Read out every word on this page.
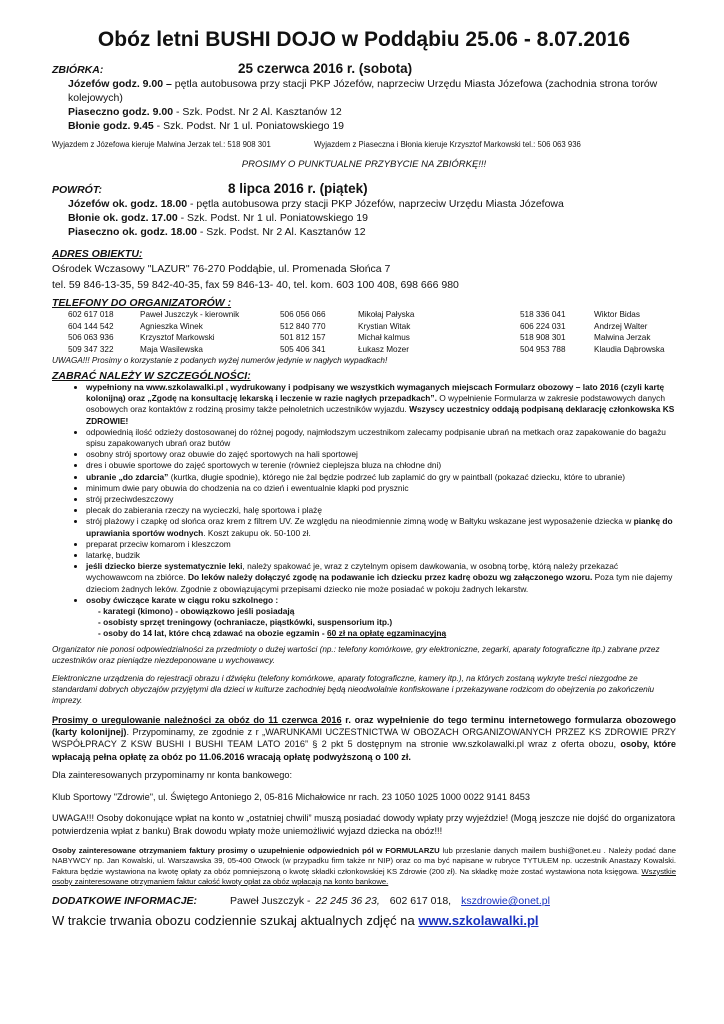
Obóz letni BUSHI DOJO w Poddąbiu 25.06 - 8.07.2016
ZBIÓRKA:	25 czerwca 2016 r. (sobota)
Józefów godz. 9.00 – pętla autobusowa przy stacji PKP Józefów, naprzeciw Urzędu Miasta Józefowa (zachodnia strona torów kolejowych)
Piaseczno godz. 9.00 - Szk. Podst. Nr 2 Al. Kasztanów 12
Błonie godz. 9.45 - Szk. Podst. Nr 1 ul. Poniatowskiego 19
Wyjazdem z Józefowa kieruje Malwina Jerzak tel.: 518 908 301	Wyjazdem z Piaseczna i Błonia kieruje Krzysztof Markowski tel.: 506 063 936
PROSIMY O PUNKTUALNE PRZYBYCIE NA ZBIÓRKĘ!!!
POWRÓT:	8 lipca 2016 r. (piątek)
Józefów ok. godz. 18.00 - pętla autobusowa przy stacji PKP Józefów, naprzeciw Urzędu Miasta Józefowa
Błonie ok. godz. 17.00 - Szk. Podst. Nr 1 ul. Poniatowskiego 19
Piaseczno ok. godz. 18.00 - Szk. Podst. Nr 2 Al. Kasztanów 12
ADRES OBIEKTU:
Ośrodek Wczasowy "LAZUR" 76-270 Poddąbie, ul. Promenada Słońca 7
tel. 59 846-13-35, 59 842-40-35, fax 59 846-13- 40, tel. kom. 603 100 408, 698 666 980
TELEFONY DO ORGANIZATORÓW :
602 617 018	Paweł Juszczyk - kierownik	506 056 066	Mikołaj Pałyska	518 336 041	Wiktor Bidas
604 144 542	Agnieszka Winek	512 840 770	Krystian Witak	606 224 031	Andrzej Walter
506 063 936	Krzysztof Markowski	501 812 157	Michał kalmus	518 908 301	Malwina Jerzak
509 347 322	Maja Wasilewska	505 406 341	Łukasz Mozer	504 953 788	Klaudia Dąbrowska
UWAGA!!! Prosimy o korzystanie z podanych wyżej numerów jedynie w nagłych wypadkach!
ZABRAĆ NALEŻY W SZCZEGÓLNOŚCI:
• wypełniony na www.szkolawalki.pl , wydrukowany i podpisany we wszystkich wymaganych miejscach Formularz obozowy – lato 2016 (czyli kartę kolonijną) oraz „Zgodę na konsultację lekarską i leczenie w razie nagłych przepadkach”. O wypełnienie Formularza w zakresie podstawowych danych osobowych oraz kontaktów z rodziną prosimy także pełnoletnich uczestników wyjazdu. Wszyscy uczestnicy oddają podpisaną deklarację członkowska KS ZDROWIE!
• odpowiednią ilość odzieży dostosowanej do różnej pogody, najmłodszym uczestnikom zalecamy podpisanie ubrań na metkach oraz zapakowanie do bagażu spisu zapakowanych ubrań oraz butów
• osobny strój sportowy oraz obuwie do zajęć sportowych na hali sportowej
• dres i obuwie sportowe do zajęć sportowych w terenie (również cieplejsza bluza na chłodne dni)
• ubranie „do zdarcia” (kurtka, długie spodnie), którego nie żal będzie podrzeć lub zaplamić do gry w paintball (pokazać dziecku, które to ubranie)
• minimum dwie pary obuwia do chodzenia na co dzień i ewentualnie klapki pod prysznic
• strój przeciwdeszczowy
• plecak do zabierania rzeczy na wycieczki, halę sportowa i plażę
• strój plażowy i czapkę od słońca oraz krem z filtrem UV. Ze względu na nieodmiennie zimną wodę w Bałtyku wskazane jest wyposażenie dziecka w piankę do uprawiania sportów wodnych. Koszt zakupu ok. 50-100 zł.
• preparat przeciw komarom i kleszczom
• latarkę, budzik
• jeśli dziecko bierze systematycznie leki, należy spakować je, wraz z czytelnym opisem dawkowania, w osobną torbę, którą należy przekazać wychowawcom na zbiórce. Do leków należy dołączyć zgodę na podawanie ich dziecku przez kadrę obozu wg załączonego wzoru. Poza tym nie dajemy dzieciom żadnych leków. Zgodnie z obowiązującymi przepisami dziecko nie może posiadać w pokoju żadnych lekarstw.
• osoby ćwiczące karate w ciągu roku szkolnego :
- karategi (kimono) - obowiązkowo jeśli posiadają
- osobisty sprzęt treningowy (ochraniacze, piąstkówki, suspensorium itp.)
- osoby do 14 lat, które chcą zdawać na obozie egzamin - 60 zł na opłatę egzaminacyjną
Organizator nie ponosi odpowiedzialności za przedmioty o dużej wartości (np.: telefony komórkowe, gry elektroniczne, zegarki, aparaty fotograficzne itp.) zabrane przez uczestników oraz pieniądze niezdeponowane u wychowawcy.
Elektroniczne urządzenia do rejestracji obrazu i dźwięku (telefony komórkowe, aparaty fotograficzne, kamery itp.), na których zostaną wykryte treści niezgodne ze standardami dobrych obyczajów przyjętymi dla dzieci w kulturze zachodniej będą nieodwołalnie konfiskowane i przekazywane rodzicom do obejrzenia po zakończeniu imprezy.
Prosimy o uregulowanie należności za obóz do 11 czerwca 2016 r. oraz wypełnienie do tego terminu internetowego formularza obozowego (karty kolonijnej). Przypominamy, ze zgodnie z r „WARUNKAMI UCZESTNICTWA W OBOZACH ORGANIZOWANYCH PRZEZ KS ZDROWIE PRZY WSPÓŁPRACY Z KSW BUSHI I BUSHI TEAM LATO 2016” § 2 pkt 5 dostępnym na stronie ww.szkolawalki.pl wraz z oferta obozu, osoby, które wpłacają pełna opłatę za obóz po 11.06.2016 wracają opłatę podwyższoną o 100 zł.
Dla zainteresowanych przypominamy nr konta bankowego:
Klub Sportowy "Zdrowie", ul. Świętego Antoniego 2, 05-816 Michałowice nr rach. 23 1050 1025 1000 0022 9141 8453
UWAGA!!! Osoby dokonujące wpłat na konto w „ostatniej chwili” muszą posiadać dowody wpłaty przy wyjeździe! (Mogą jeszcze nie dojść do organizatora potwierdzenia wpłat z banku) Brak dowodu wpłaty może uniemożliwić wyjazd dziecka na obóz!!!
Osoby zainteresowane otrzymaniem faktury prosimy o uzupełnienie odpowiednich pól w FORMULARZU lub przeslanie danych mailem bushi@onet.eu . Należy podać dane NABYWCY np. Jan Kowalski, ul. Warszawska 39, 05-400 Otwock (w przypadku firm także nr NIP) oraz co ma być napisane w rubryce TYTUŁEM np. uczestnik Anastazy Kowalski. Faktura będzie wystawiona na kwotę opłaty za obóz pomniejszoną o kwotę składki członkowskiej KS Zdrowie (200 zł). Na składkę może zostać wystawiona nota księgowa. Wszystkie osoby zainteresowane otrzymaniem faktur całość kwoty opłat za obóz wpłacają na konto bankowe.
DODATKOWE INFORMACJE:	Paweł Juszczyk - 22 245 36 23, 602 617 018, kszdrowie@onet.pl
W trakcie trwania obozu codziennie szukaj aktualnych zdjęć na www.szkolawalki.pl
